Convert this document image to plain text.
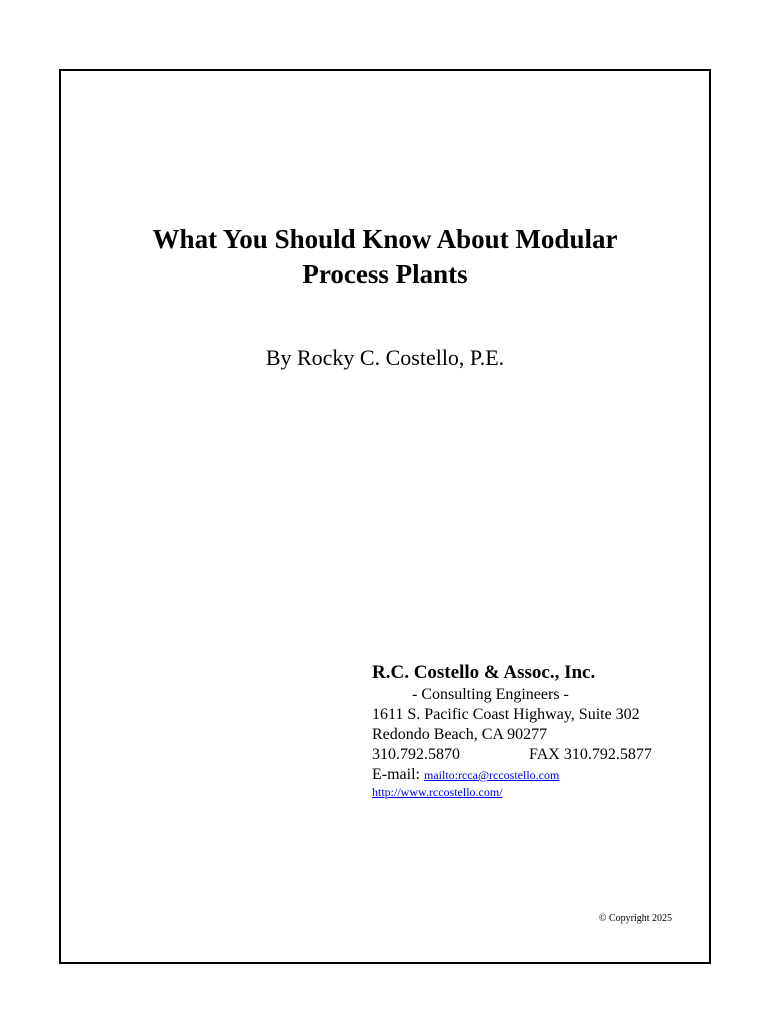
What You Should Know About Modular
Process Plants
By Rocky C. Costello, P.E.
R.C. Costello & Assoc., Inc.
- Consulting Engineers -
1611 S. Pacific Coast Highway, Suite 302
Redondo Beach, CA 90277
310.792.5870	FAX 310.792.5877
E-mail: mailto:rcca@rccostello.com
http://www.rccostello.com/
© Copyright 2025
